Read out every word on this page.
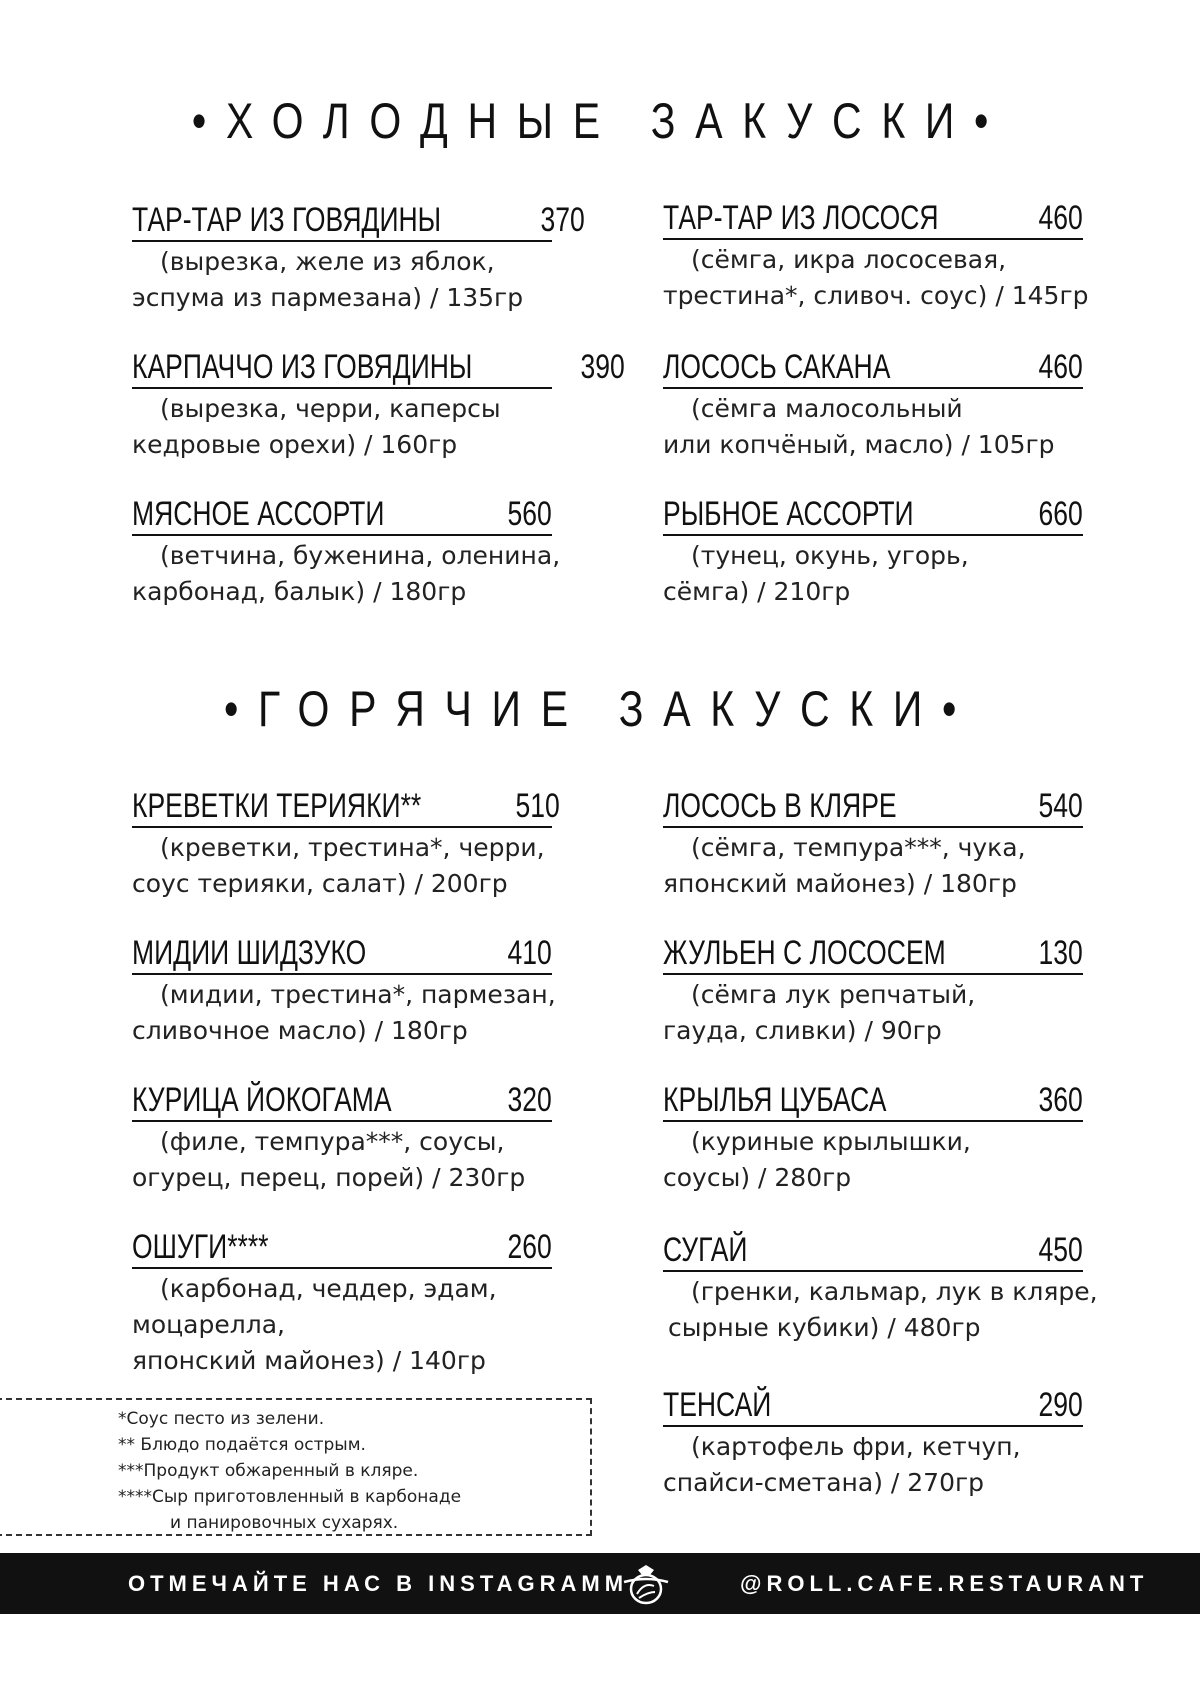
•ХОЛОДНЫЕ ЗАКУСКИ•
ТАР-ТАР ИЗ ГОВЯДИНЫ	370
(вырезка, желе из яблок,
эспума из пармезана) / 135гр
КАРПАЧЧО ИЗ ГОВЯДИНЫ	390
(вырезка, черри, каперсы
кедровые орехи) / 160гр
МЯСНОЕ АССОРТИ	560
(ветчина, буженина, оленина,
карбонад, балык) / 180гр
ТАР-ТАР ИЗ ЛОСОСЯ	460
(сёмга, икра лососевая,
трестина*, сливоч. соус) / 145гр
ЛОСОСЬ САКАНА	460
(сёмга малосольный
или копчёный, масло) / 105гр
РЫБНОЕ АССОРТИ	660
(тунец, окунь, угорь,
сёмга) / 210гр
•ГОРЯЧИЕ ЗАКУСКИ•
КРЕВЕТКИ ТЕРИЯКИ**	510
(креветки, трестина*, черри,
соус терияки, салат) / 200гр
МИДИИ ШИДЗУКО	410
(мидии, трестина*, пармезан,
сливочное масло) / 180гр
КУРИЦА ЙОКОГАМА	320
(филе, темпура***, соусы,
огурец, перец, порей) / 230гр
ОШУГИ****	260
(карбонад, чеддер, эдам,
моцарелла,
японский майонез) / 140гр
ЛОСОСЬ В КЛЯРЕ	540
(сёмга, темпура***, чука,
японский майонез) / 180гр
ЖУЛЬЕН С ЛОСОСЕМ	130
(сёмга лук репчатый,
гауда, сливки) / 90гр
КРЫЛЬЯ ЦУБАСА	360
(куриные крылышки,
соусы) / 280гр
СУГАЙ	450
(гренки, кальмар, лук в кляре,
сырные кубики) / 480гр
ТЕНСАЙ	290
(картофель фри, кетчуп,
спайси-сметана) / 270гр
*Соус песто из зелени.
** Блюдо подаётся острым.
***Продукт обжаренный в кляре.
****Сыр приготовленный в карбонаде
и панировочных сухарях.
ОТМЕЧАЙТЕ НАС В INSTAGRAMM	@ROLL.CAFE.RESTAURANT
